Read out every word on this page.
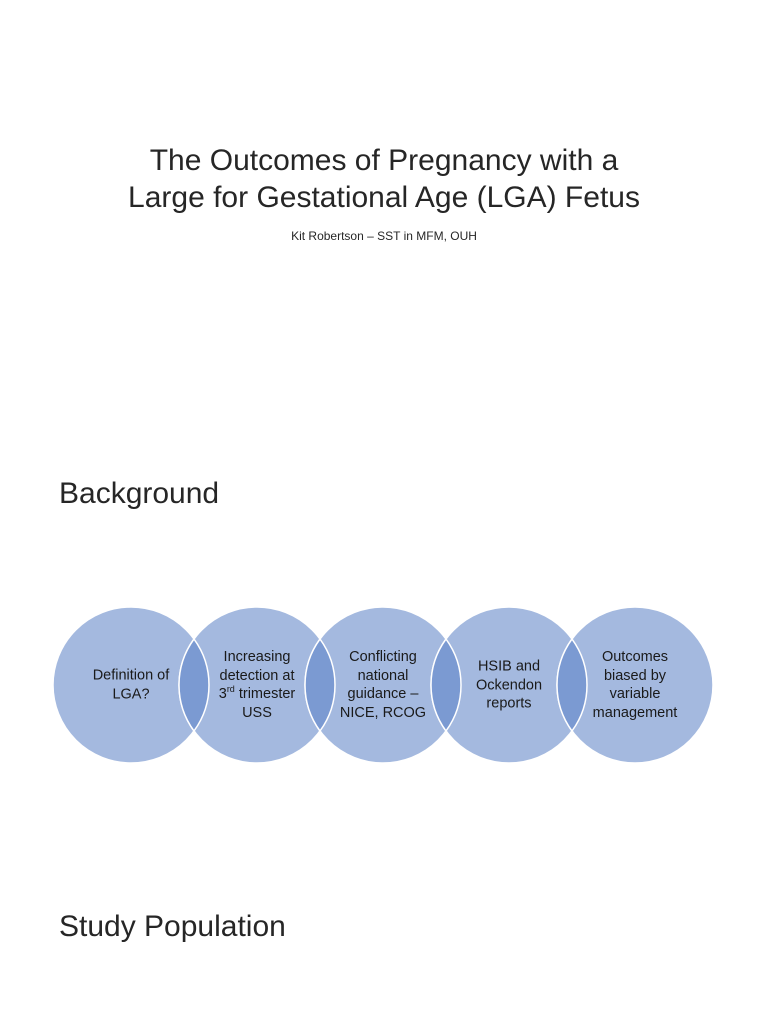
The Outcomes of Pregnancy with a
Large for Gestational Age (LGA) Fetus
Kit Robertson – SST in MFM, OUH
Background
Definition of
LGA?
Increasing
detection at
3rd trimester
USS
Conflicting
national
guidance –
NICE, RCOG
HSIB and
Ockendon
reports
Outcomes
biased by
variable
management
Study Population
